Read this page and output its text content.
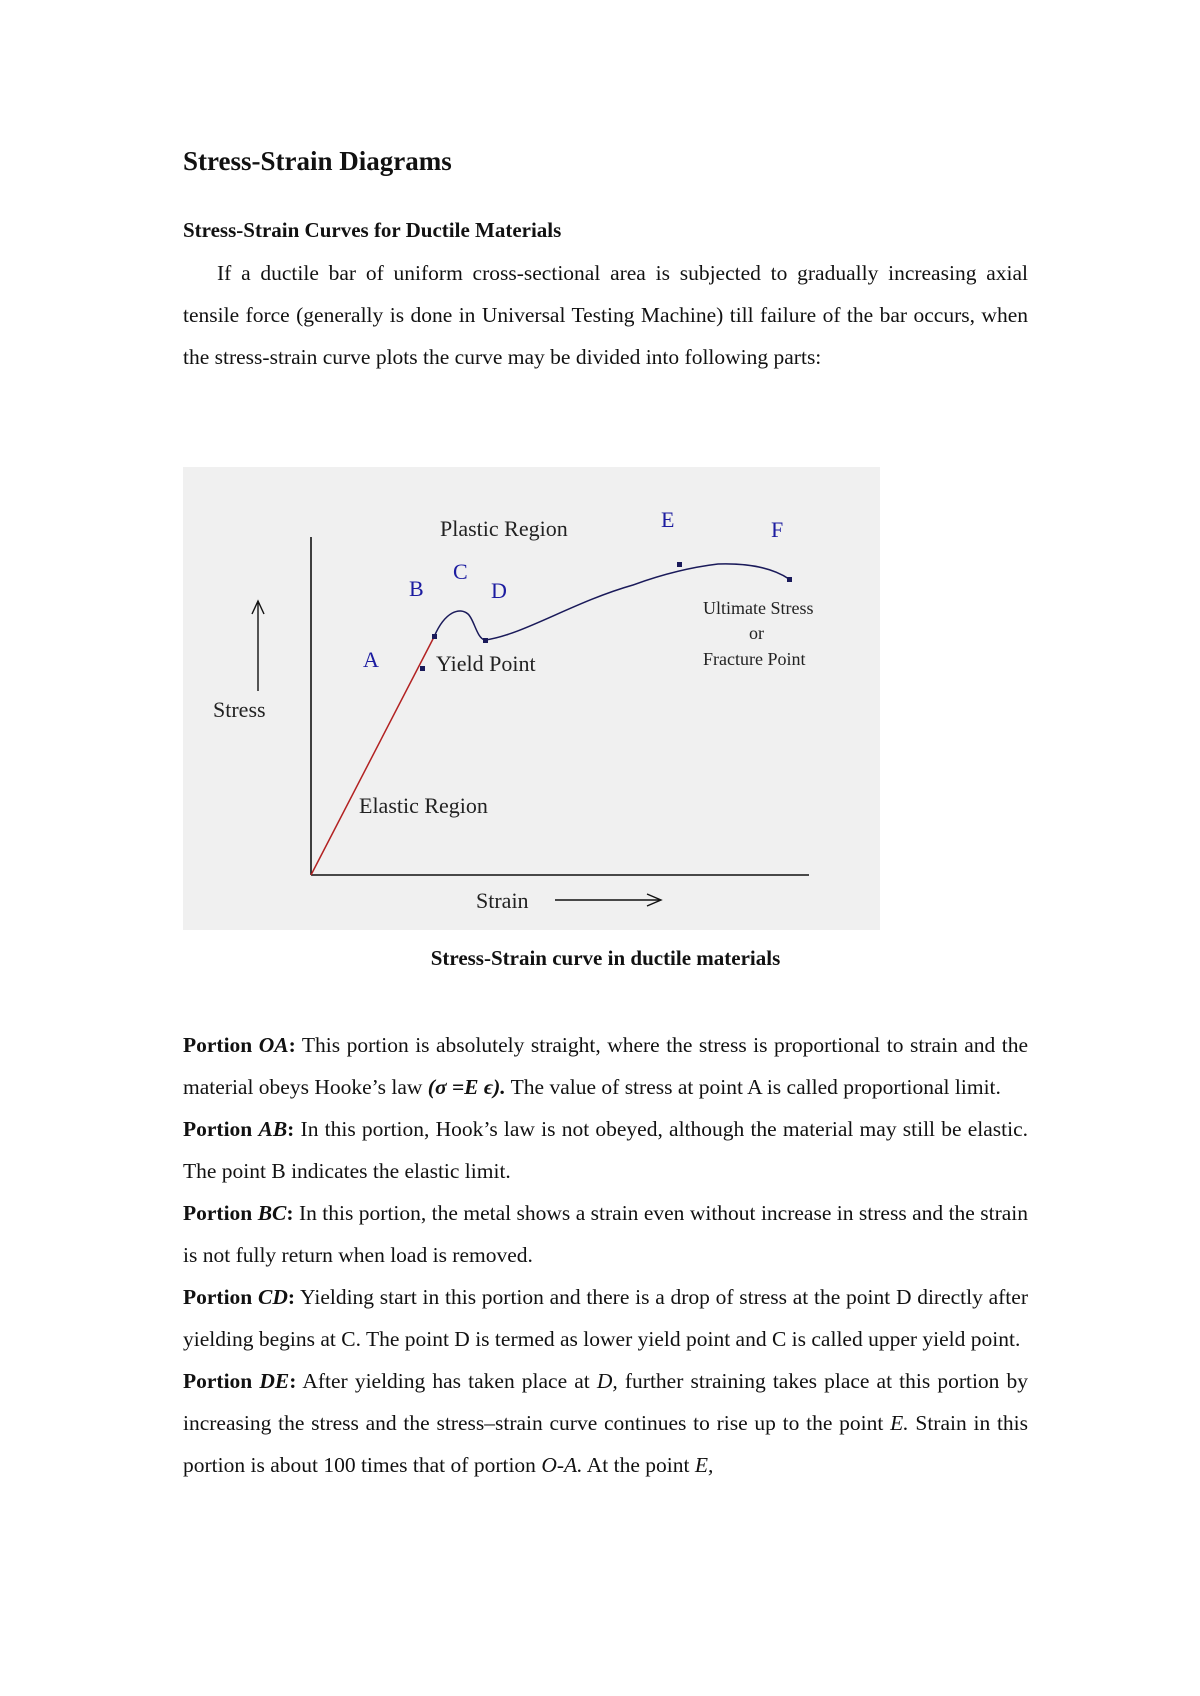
Stress-Strain Diagrams
Stress-Strain Curves for Ductile Materials

If a ductile bar of uniform cross-sectional area is subjected to gradually increasing axial tensile force (generally is done in Universal Testing Machine) till failure of the bar occurs, when the stress-strain curve plots the curve may be divided into following parts:

A
B
C
D
E	F
Plastic Region
Elastic Region
Yield Point
Ultimate Stress
or
Fracture Point
Stress
Strain

Stress-Strain curve in ductile materials

Portion OA: This portion is absolutely straight, where the stress is proportional to strain and the material obeys Hooke’s law (σ =E ϵ). The value of stress at point A is called proportional limit.

Portion AB: In this portion, Hook’s law is not obeyed, although the material may still be elastic. The point B indicates the elastic limit.

Portion BC: In this portion, the metal shows a strain even without increase in stress and the strain is not fully return when load is removed.

Portion CD: Yielding start in this portion and there is a drop of stress at the point D directly after yielding begins at C. The point D is termed as lower yield point and C is called upper yield point.

Portion DE: After yielding has taken place at D, further straining takes place at this portion by increasing the stress and the stress–strain curve continues to rise up to the point E. Strain in this portion is about 100 times that of portion O-A. At the point E,
